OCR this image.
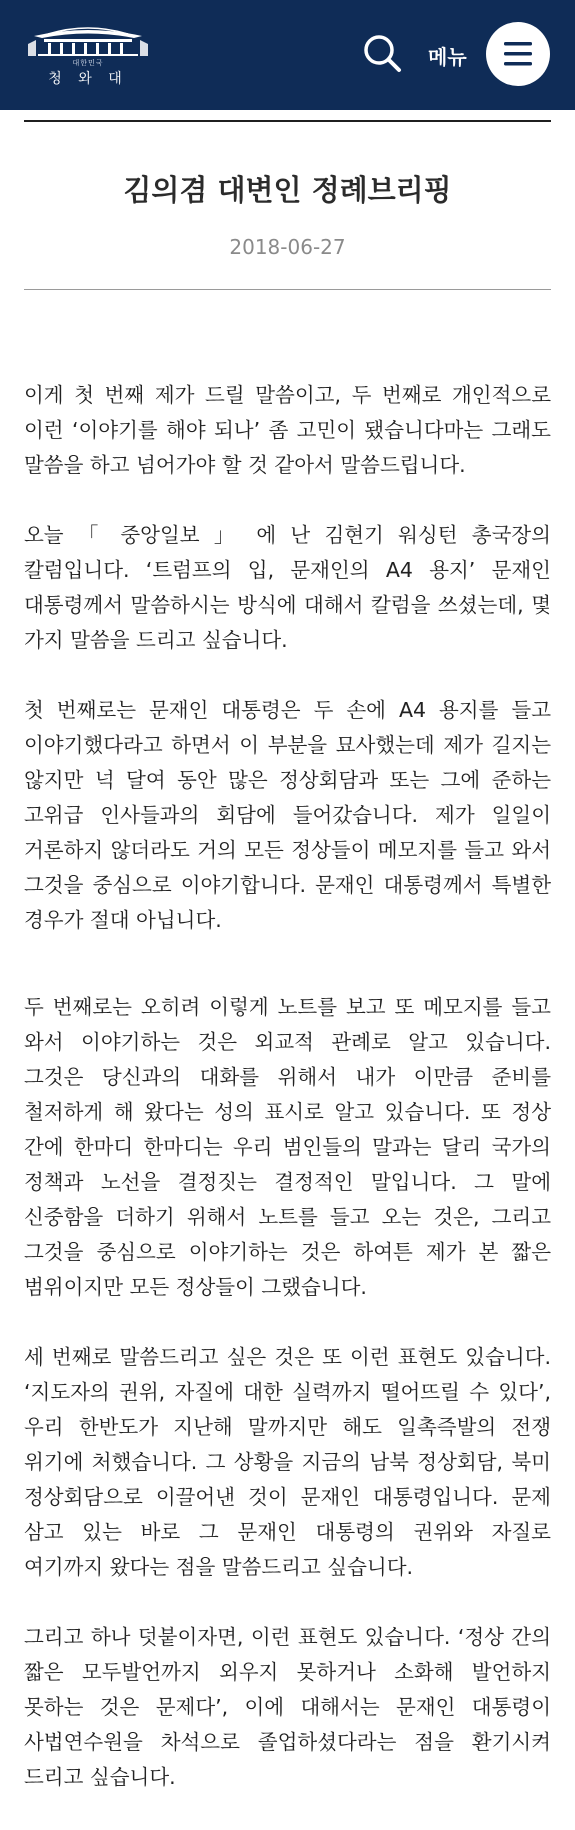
대한민국
청 와 대
메뉴
김의겸 대변인 정례브리핑
2018-06-27

이게 첫 번째 제가 드릴 말씀이고, 두 번째로 개인적으로 이런 ‘이야기를 해야 되나’ 좀 고민이 됐습니다마는 그래도 말씀을 하고 넘어가야 할 것 같아서 말씀드립니다.

오늘 「 중앙일보 」 에 난 김현기 워싱턴 총국장의 칼럼입니다. ‘트럼프의 입, 문재인의 A4 용지’ 문재인 대통령께서 말씀하시는 방식에 대해서 칼럼을 쓰셨는데, 몇 가지 말씀을 드리고 싶습니다.

첫 번째로는 문재인 대통령은 두 손에 A4 용지를 들고 이야기했다라고 하면서 이 부분을 묘사했는데 제가 길지는 않지만 넉 달여 동안 많은 정상회담과 또는 그에 준하는 고위급 인사들과의 회담에 들어갔습니다. 제가 일일이 거론하지 않더라도 거의 모든 정상들이 메모지를 들고 와서 그것을 중심으로 이야기합니다. 문재인 대통령께서 특별한 경우가 절대 아닙니다.

두 번째로는 오히려 이렇게 노트를 보고 또 메모지를 들고 와서 이야기하는 것은 외교적 관례로 알고 있습니다. 그것은 당신과의 대화를 위해서 내가 이만큼 준비를 철저하게 해 왔다는 성의 표시로 알고 있습니다. 또 정상 간에 한마디 한마디는 우리 범인들의 말과는 달리 국가의 정책과 노선을 결정짓는 결정적인 말입니다. 그 말에 신중함을 더하기 위해서 노트를 들고 오는 것은, 그리고 그것을 중심으로 이야기하는 것은 하여튼 제가 본 짧은 범위이지만 모든 정상들이 그랬습니다.

세 번째로 말씀드리고 싶은 것은 또 이런 표현도 있습니다. ‘지도자의 권위, 자질에 대한 실력까지 떨어뜨릴 수 있다’, 우리 한반도가 지난해 말까지만 해도 일촉즉발의 전쟁 위기에 처했습니다. 그 상황을 지금의 남북 정상회담, 북미 정상회담으로 이끌어낸 것이 문재인 대통령입니다. 문제 삼고 있는 바로 그 문재인 대통령의 권위와 자질로 여기까지 왔다는 점을 말씀드리고 싶습니다.

그리고 하나 덧붙이자면, 이런 표현도 있습니다. ‘정상 간의 짧은 모두발언까지 외우지 못하거나 소화해 발언하지 못하는 것은 문제다’, 이에 대해서는 문재인 대통령이 사법연수원을 차석으로 졸업하셨다라는 점을 환기시켜 드리고 싶습니다.
